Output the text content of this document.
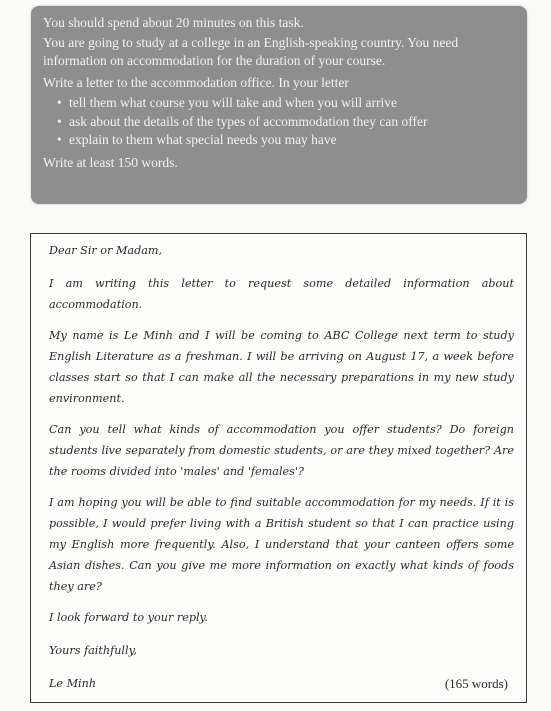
You should spend about 20 minutes on this task.

You are going to study at a college in an English-speaking country. You need information on accommodation for the duration of your course.

Write a letter to the accommodation office. In your letter

• tell them what course you will take and when you will arrive
• ask about the details of the types of accommodation they can offer
• explain to them what special needs you may have

Write at least 150 words.

Dear Sir or Madam,

I am writing this letter to request some detailed information about accommodation.

My name is Le Minh and I will be coming to ABC College next term to study English Literature as a freshman. I will be arriving on August 17, a week before classes start so that I can make all the necessary preparations in my new study environment.

Can you tell what kinds of accommodation you offer students? Do foreign students live separately from domestic students, or are they mixed together? Are the rooms divided into 'males' and 'females'?

I am hoping you will be able to find suitable accommodation for my needs. If it is possible, I would prefer living with a British student so that I can practice using my English more frequently. Also, I understand that your canteen offers some Asian dishes. Can you give me more information on exactly what kinds of foods they are?

I look forward to your reply.

Yours faithfully,

Le Minh	(165 words)
